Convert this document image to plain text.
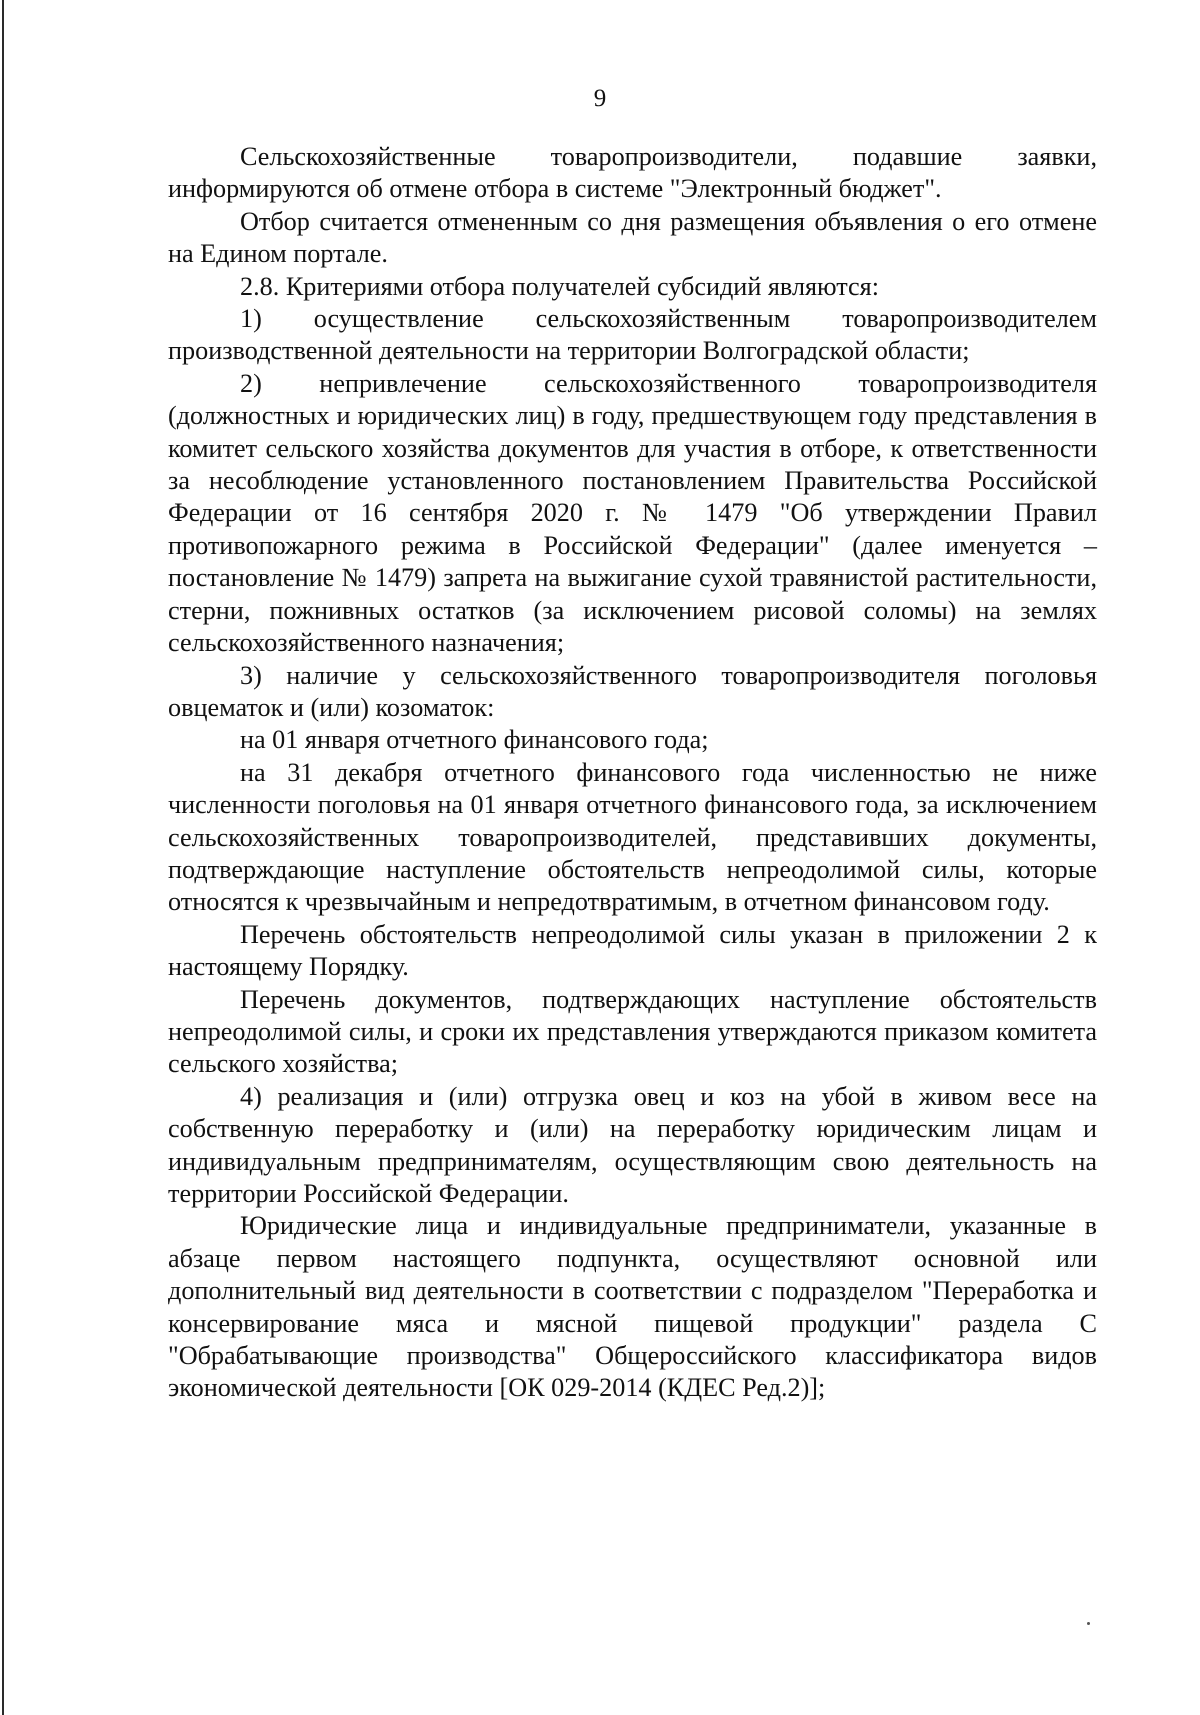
9

Сельскохозяйственные товаропроизводители, подавшие заявки, информируются об отмене отбора в системе "Электронный бюджет".

Отбор считается отмененным со дня размещения объявления о его отмене на Едином портале.

2.8. Критериями отбора получателей субсидий являются:

1) осуществление сельскохозяйственным товаропроизводителем производственной деятельности на территории Волгоградской области;

2) непривлечение сельскохозяйственного товаропроизводителя (должностных и юридических лиц) в году, предшествующем году представления в комитет сельского хозяйства документов для участия в отборе, к ответственности за несоблюдение установленного постановлением Правительства Российской Федерации от 16 сентября 2020 г. № 1479 "Об утверждении Правил противопожарного режима в Российской Федерации" (далее именуется – постановление № 1479) запрета на выжигание сухой травянистой растительности, стерни, пожнивных остатков (за исключением рисовой соломы) на землях сельскохозяйственного назначения;

3) наличие у сельскохозяйственного товаропроизводителя поголовья овцематок и (или) козоматок:

на 01 января отчетного финансового года;

на 31 декабря отчетного финансового года численностью не ниже численности поголовья на 01 января отчетного финансового года, за исключением сельскохозяйственных товаропроизводителей, представивших документы, подтверждающие наступление обстоятельств непреодолимой силы, которые относятся к чрезвычайным и непредотвратимым, в отчетном финансовом году.

Перечень обстоятельств непреодолимой силы указан в приложении 2 к настоящему Порядку.

Перечень документов, подтверждающих наступление обстоятельств непреодолимой силы, и сроки их представления утверждаются приказом комитета сельского хозяйства;

4) реализация и (или) отгрузка овец и коз на убой в живом весе на собственную переработку и (или) на переработку юридическим лицам и индивидуальным предпринимателям, осуществляющим свою деятельность на территории Российской Федерации.

Юридические лица и индивидуальные предприниматели, указанные в абзаце первом настоящего подпункта, осуществляют основной или дополнительный вид деятельности в соответствии с подразделом "Переработка и консервирование мяса и мясной пищевой продукции" раздела С "Обрабатывающие производства" Общероссийского классификатора видов экономической деятельности [ОК 029-2014 (КДЕС Ред.2)];
